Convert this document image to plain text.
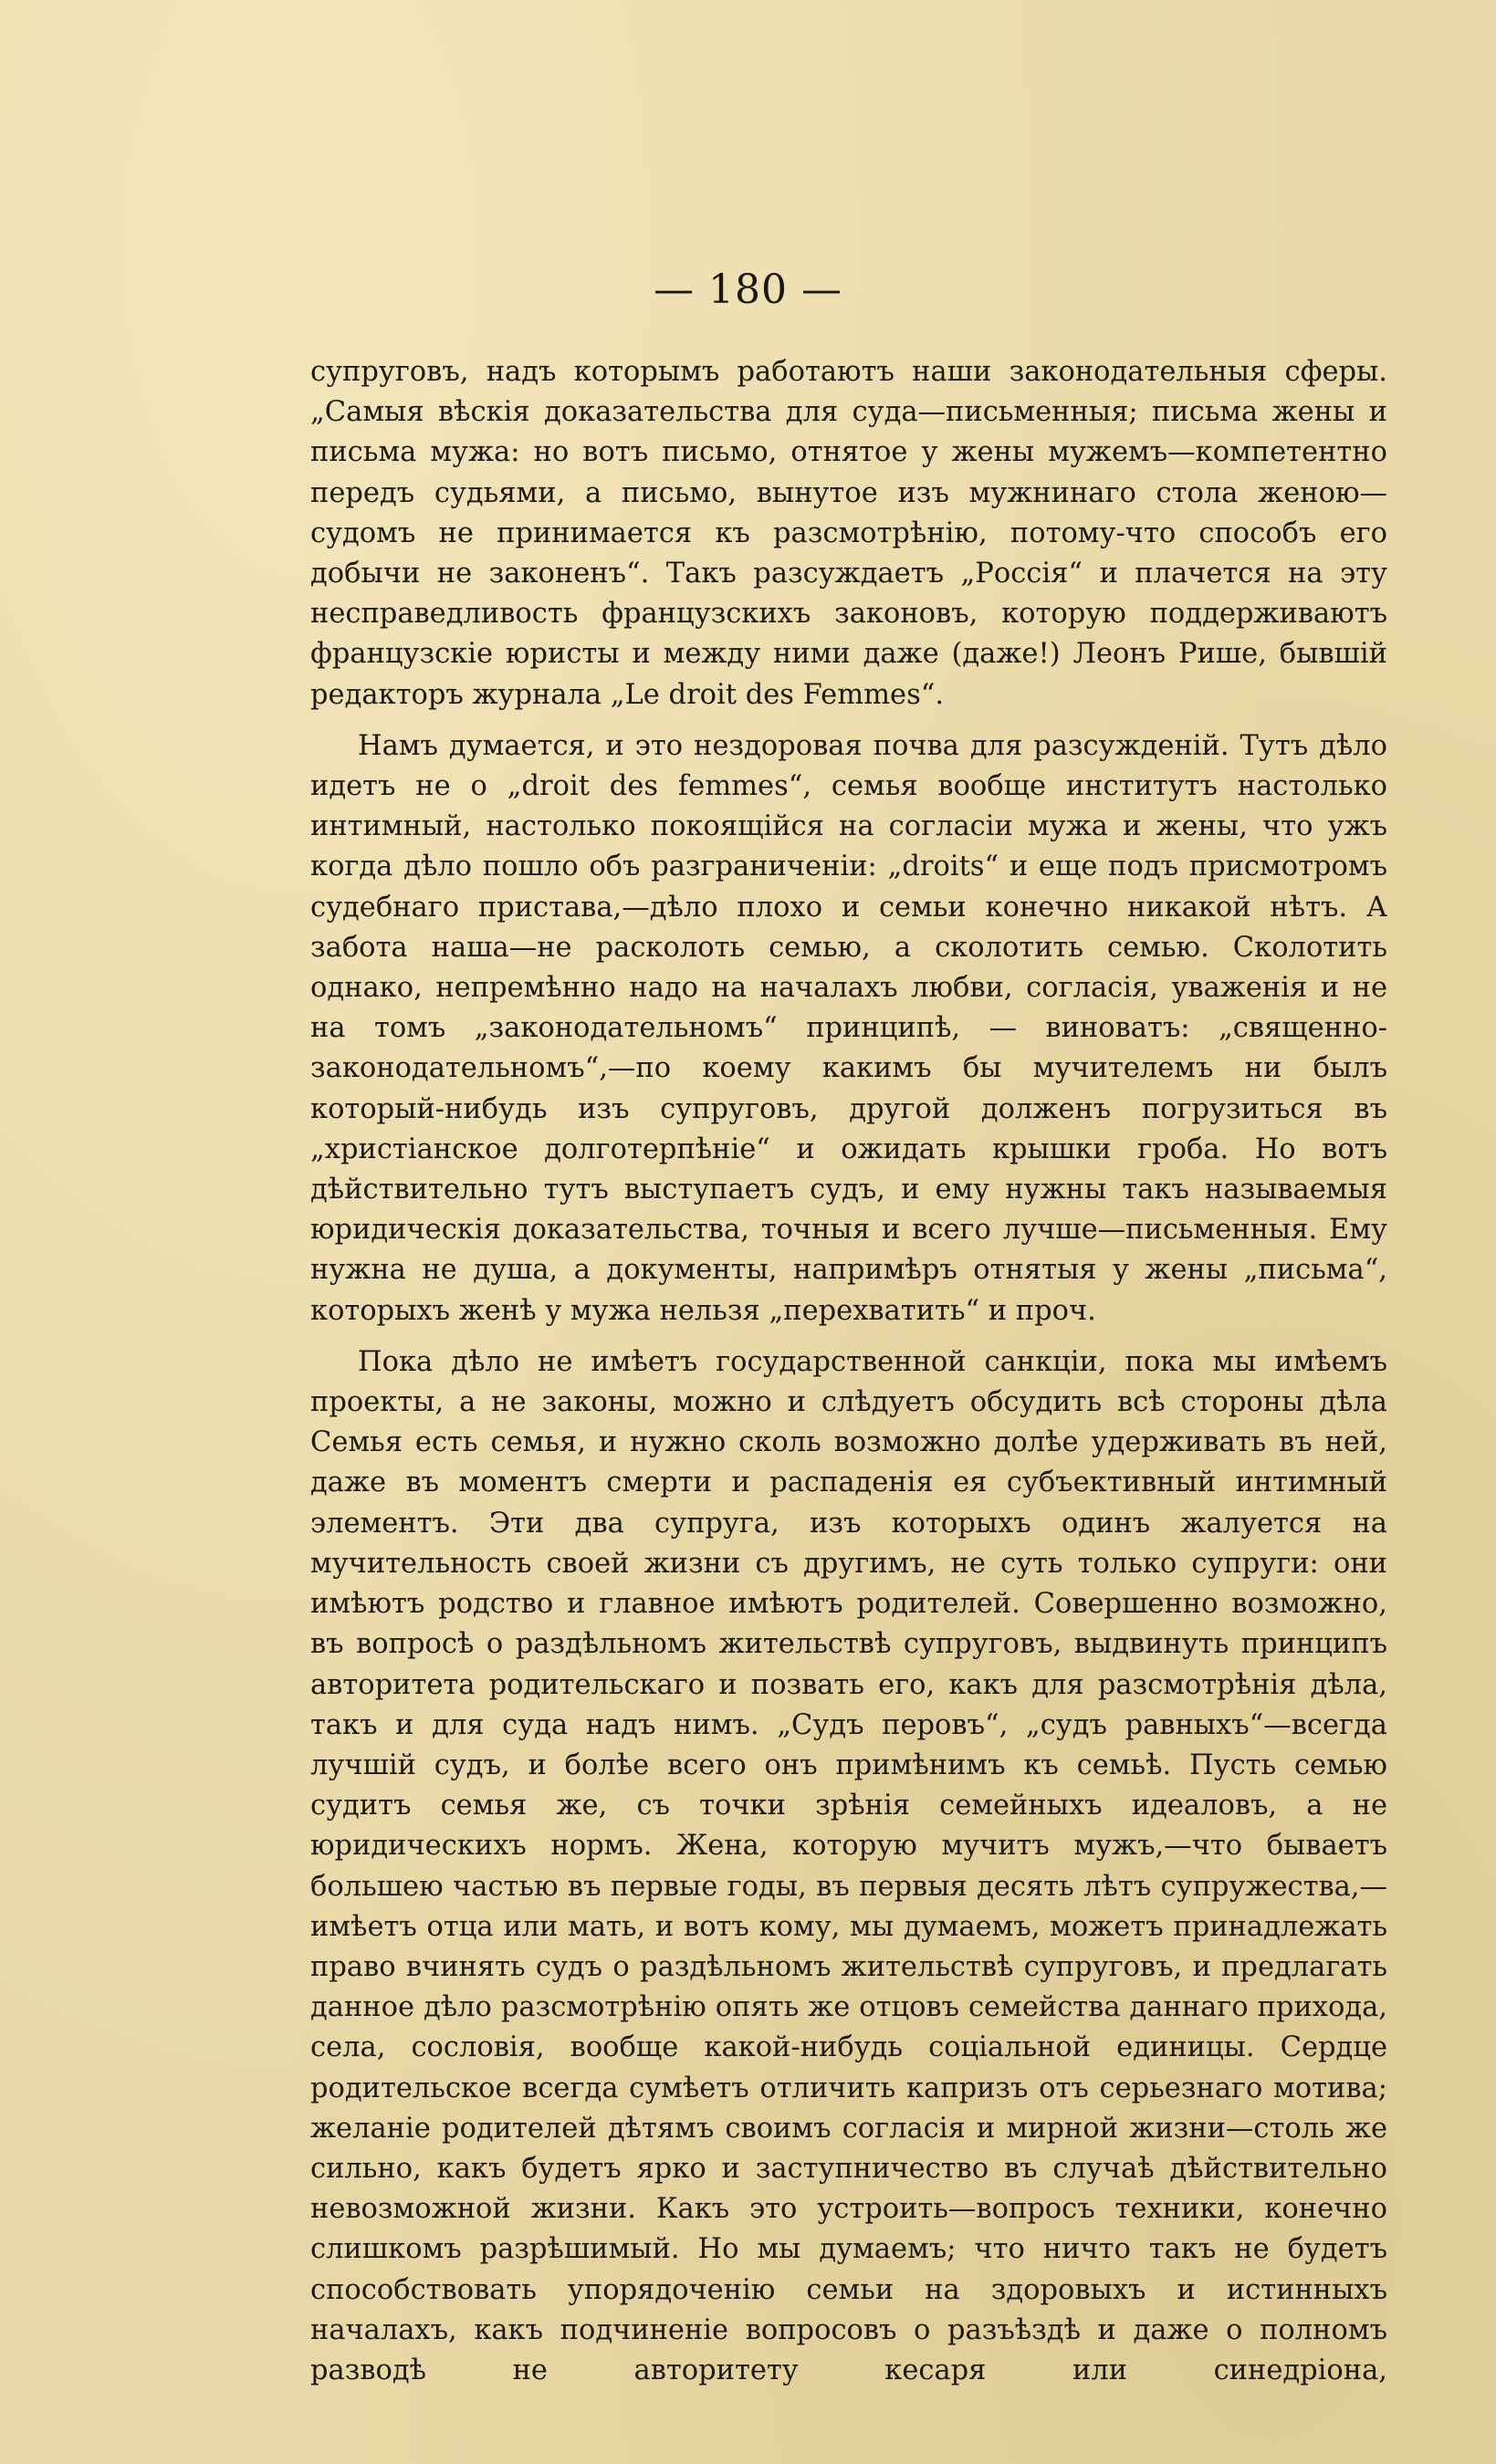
— 180 —

супруговъ, надъ которымъ работаютъ наши законодательныя сферы. „Самыя вѣскія доказательства для суда—письменныя; письма жены и письма мужа: но вотъ письмо, отнятое у жены мужемъ—компетентно передъ судьями, а письмо, вынутое изъ мужнинаго стола женою—судомъ не принимается къ разсмотрѣнію, потому-что способъ его добычи не законенъ“. Такъ разсуждаетъ „Россія“ и плачется на эту несправедливость французскихъ законовъ, которую поддерживаютъ французскіе юристы и между ними даже (даже!) Леонъ Рише, бывшій редакторъ журнала „Le droit des Femmes“.

Намъ думается, и это нездоровая почва для разсужденій. Тутъ дѣло идетъ не о „droit des femmes“, семья вообще институтъ настолько интимный, настолько покоящійся на согласіи мужа и жены, что ужъ когда дѣло пошло объ разграниченіи: „droits“ и еще подъ присмотромъ судебнаго пристава,—дѣло плохо и семьи конечно никакой нѣтъ. А забота наша—не расколоть семью, а сколотить семью. Сколотить однако, непремѣнно надо на началахъ любви, согласія, уваженія и не на томъ „законодательномъ“ принципѣ, — виноватъ: „священно-законодательномъ“,—по коему какимъ бы мучителемъ ни былъ который-нибудь изъ супруговъ, другой долженъ погрузиться въ „христіанское долготерпѣніе“ и ожидать крышки гроба. Но вотъ дѣйствительно тутъ выступаетъ судъ, и ему нужны такъ называемыя юридическія доказательства, точныя и всего лучше—письменныя. Ему нужна не душа, а документы, напримѣръ отнятыя у жены „письма“, которыхъ женѣ у мужа нельзя „перехватить“ и проч.

Пока дѣло не имѣетъ государственной санкціи, пока мы имѣемъ проекты, а не законы, можно и слѣдуетъ обсудить всѣ стороны дѣла Семья есть семья, и нужно сколь возможно долѣе удерживать въ ней, даже въ моментъ смерти и распаденія ея субъективный интимный элементъ. Эти два супруга, изъ которыхъ одинъ жалуется на мучительность своей жизни съ другимъ, не суть только супруги: они имѣютъ родство и главное имѣютъ родителей. Совершенно возможно, въ вопросѣ о раздѣльномъ жительствѣ супруговъ, выдвинуть принципъ авторитета родительскаго и позвать его, какъ для разсмотрѣнія дѣла, такъ и для суда надъ нимъ. „Судъ перовъ“, „судъ равныхъ“—всегда лучшій судъ, и болѣе всего онъ примѣнимъ къ семьѣ. Пусть семью судитъ семья же, съ точки зрѣнія семейныхъ идеаловъ, а не юридическихъ нормъ. Жена, которую мучитъ мужъ,—что бываетъ большею частью въ первые годы, въ первыя десять лѣтъ супружества,—имѣетъ отца или мать, и вотъ кому, мы думаемъ, можетъ принадлежать право вчинять судъ о раздѣльномъ жительствѣ супруговъ, и предлагать данное дѣло разсмотрѣнію опять же отцовъ семейства даннаго прихода, села, сословія, вообще какой-нибудь соціальной единицы. Сердце родительское всегда сумѣетъ отличить капризъ отъ серьезнаго мотива; желаніе родителей дѣтямъ своимъ согласія и мирной жизни—столь же сильно, какъ будетъ ярко и заступничество въ случаѣ дѣйствительно невозможной жизни. Какъ это устроить—вопросъ техники, конечно слишкомъ разрѣшимый. Но мы думаемъ; что ничто такъ не будетъ способствовать упорядоченію семьи на здоровыхъ и истинныхъ началахъ, какъ подчиненіе вопросовъ о разъѣздѣ и даже о полномъ разводѣ не авторитету кесаря или синедріона,
